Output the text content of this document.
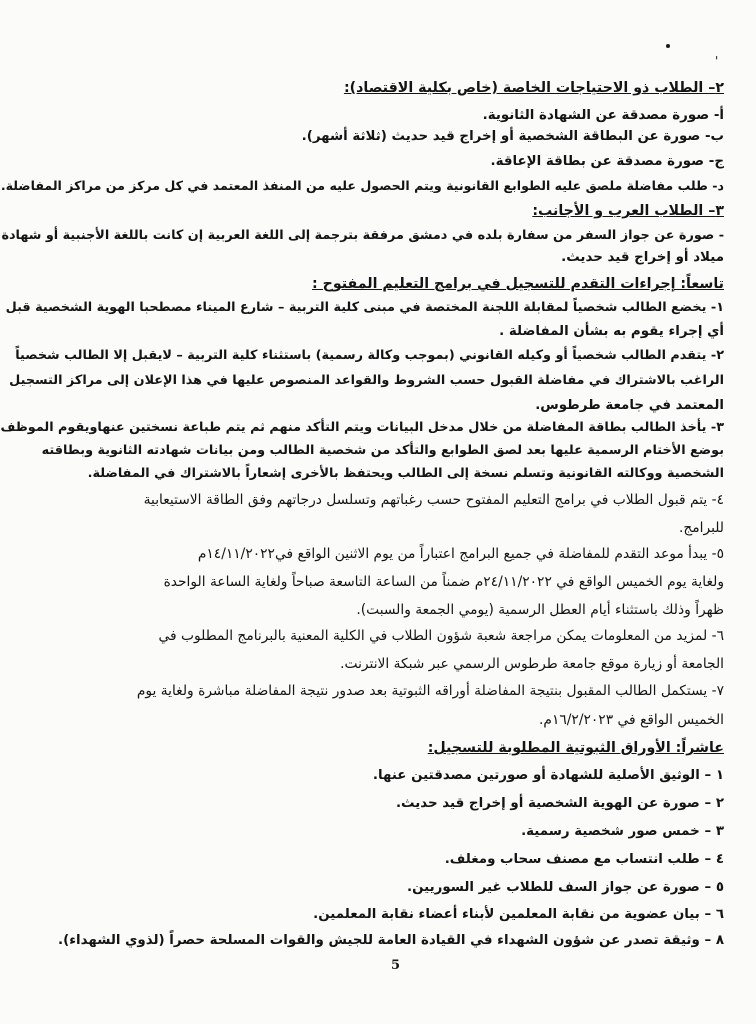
'
٢– الطلاب ذو الاحتياجات الخاصة (خاص بكلية الاقتصاد):
أ- صورة مصدقة عن الشهادة الثانوية.
ب- صورة عن البطاقة الشخصية أو إخراج قيد حديث (ثلاثة أشهر).
ج- صورة مصدقة عن بطاقة الإعاقة.
د- طلب مفاضلة ملصق عليه الطوابع القانونية ويتم الحصول عليه من المنفذ المعتمد في كل مركز من مراكز المفاضلة.
٣– الطلاب العرب و الأجانب:
- صورة عن جواز السفر من سفارة بلده في دمشق مرفقة بترجمة إلى اللغة العربية إن كانت باللغة الأجنبية أو شهادة
ميلاد أو إخراج قيد حديث.
تاسعاً: إجراءات التقدم للتسجيل في برامج التعليم المفتوح :
١- يخضع الطالب شخصياً لمقابلة اللجنة المختصة في مبنى كلية التربية – شارع الميناء مصطحبا الهوية الشخصية قبل
أي إجراء يقوم به بشأن المفاضلة .
٢- يتقدم الطالب شخصياً أو وكيله القانوني (بموجب وكالة رسمية) باستثناء كلية التربية – لايقبل إلا الطالب شخصياً
الراغب بالاشتراك في مفاضلة القبول حسب الشروط والقواعد المنصوص عليها في هذا الإعلان إلى مراكز التسجيل
المعتمد في جامعة طرطوس.
٣- يأخذ الطالب بطاقة المفاضلة من خلال مدخل البيانات ويتم التأكد منهم ثم يتم طباعة نسختين عنهاويقوم الموظف
بوضع الأختام الرسمية عليها بعد لصق الطوابع والتأكد من شخصية الطالب ومن بيانات شهادته الثانوية وبطاقته
الشخصية ووكالته القانونية وتسلم نسخة إلى الطالب ويحتفظ بالأخرى إشعاراً بالاشتراك في المفاضلة.
٤- يتم قبول الطلاب في برامج التعليم المفتوح حسب رغباتهم وتسلسل درجاتهم وفق الطاقة الاستيعابية
للبرامج.
٥- يبدأ موعد التقدم للمفاضلة في جميع البرامج اعتباراً من يوم الاثنين الواقع في١٤/١١/٢٠٢٢م
ولغاية يوم الخميس الواقع في ٢٤/١١/٢٠٢٢م ضمناً من الساعة التاسعة صباحاً ولغاية الساعة الواحدة
ظهراً وذلك باستثناء أيام العطل الرسمية (يومي الجمعة والسبت).
٦- لمزيد من المعلومات يمكن مراجعة شعبة شؤون الطلاب في الكلية المعنية بالبرنامج المطلوب في
الجامعة أو زيارة موقع جامعة طرطوس الرسمي عبر شبكة الانترنت.
٧- يستكمل الطالب المقبول بنتيجة المفاضلة أوراقه الثبوتية بعد صدور نتيجة المفاضلة مباشرة ولغاية يوم
الخميس الواقع في ١٦/٢/٢٠٢٣م.
عاشراً: الأوراق الثبوتية المطلوبة للتسجيل:
١ – الوثيق الأصلية للشهادة أو صورتين مصدقتين عنها.
٢ – صورة عن الهوية الشخصية أو إخراج قيد حديث.
٣ – خمس صور شخصية رسمية.
٤ – طلب انتساب مع مصنف سحاب ومغلف.
٥ – صورة عن جواز السف للطلاب غير السوريين.
٦ – بيان عضوية من نقابة المعلمين لأبناء أعضاء نقابة المعلمين.
٨ – وثيقة تصدر عن شؤون الشهداء في القيادة العامة للجيش والقوات المسلحة حصراً (لذوي الشهداء).
5
